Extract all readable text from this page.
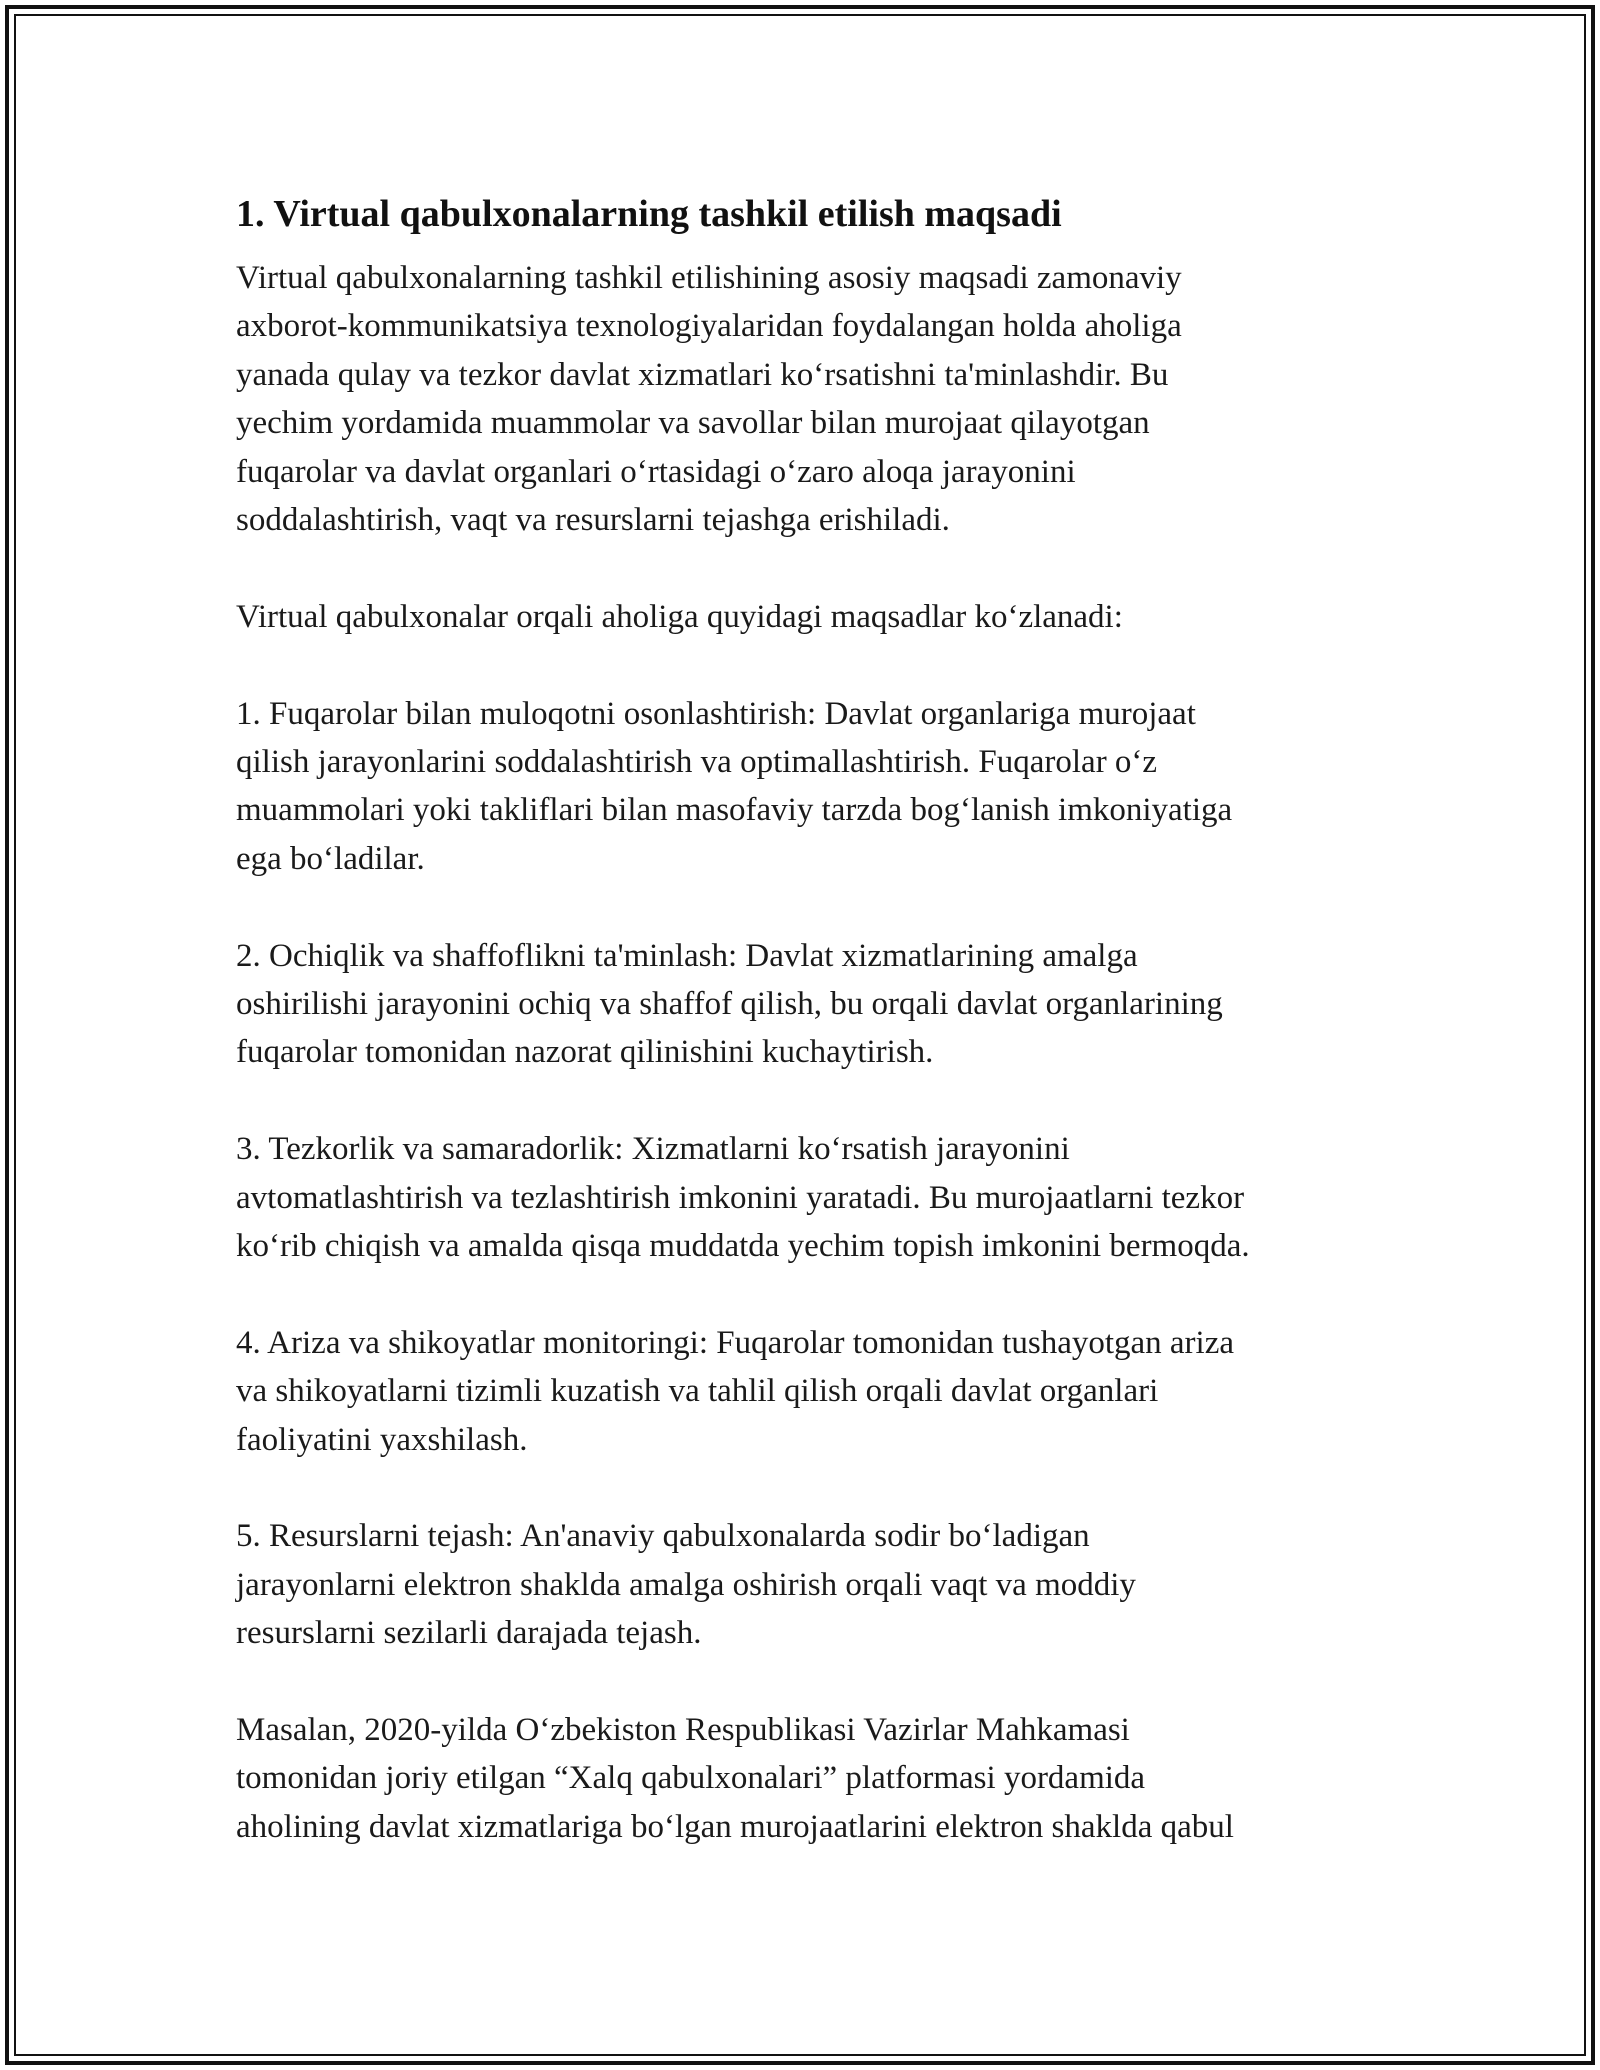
1. Virtual qabulxonalarning tashkil etilish maqsadi

Virtual qabulxonalarning tashkil etilishining asosiy maqsadi zamonaviy
axborot-kommunikatsiya texnologiyalaridan foydalangan holda aholiga
yanada qulay va tezkor davlat xizmatlari koʻrsatishni ta'minlashdir. Bu
yechim yordamida muammolar va savollar bilan murojaat qilayotgan
fuqarolar va davlat organlari oʻrtasidagi oʻzaro aloqa jarayonini
soddalashtirish, vaqt va resurslarni tejashga erishiladi.

Virtual qabulxonalar orqali aholiga quyidagi maqsadlar koʻzlanadi:

1. Fuqarolar bilan muloqotni osonlashtirish: Davlat organlariga murojaat
qilish jarayonlarini soddalashtirish va optimallashtirish. Fuqarolar oʻz
muammolari yoki takliflari bilan masofaviy tarzda bogʻlanish imkoniyatiga
ega boʻladilar.

2. Ochiqlik va shaffoflikni ta'minlash: Davlat xizmatlarining amalga
oshirilishi jarayonini ochiq va shaffof qilish, bu orqali davlat organlarining
fuqarolar tomonidan nazorat qilinishini kuchaytirish.

3. Tezkorlik va samaradorlik: Xizmatlarni koʻrsatish jarayonini
avtomatlashtirish va tezlashtirish imkonini yaratadi. Bu murojaatlarni tezkor
koʻrib chiqish va amalda qisqa muddatda yechim topish imkonini bermoqda.

4. Ariza va shikoyatlar monitoringi: Fuqarolar tomonidan tushayotgan ariza
va shikoyatlarni tizimli kuzatish va tahlil qilish orqali davlat organlari
faoliyatini yaxshilash.

5. Resurslarni tejash: An'anaviy qabulxonalarda sodir boʻladigan
jarayonlarni elektron shaklda amalga oshirish orqali vaqt va moddiy
resurslarni sezilarli darajada tejash.

Masalan, 2020-yilda Oʻzbekiston Respublikasi Vazirlar Mahkamasi
tomonidan joriy etilgan “Xalq qabulxonalari” platformasi yordamida
aholining davlat xizmatlariga boʻlgan murojaatlarini elektron shaklda qabul
